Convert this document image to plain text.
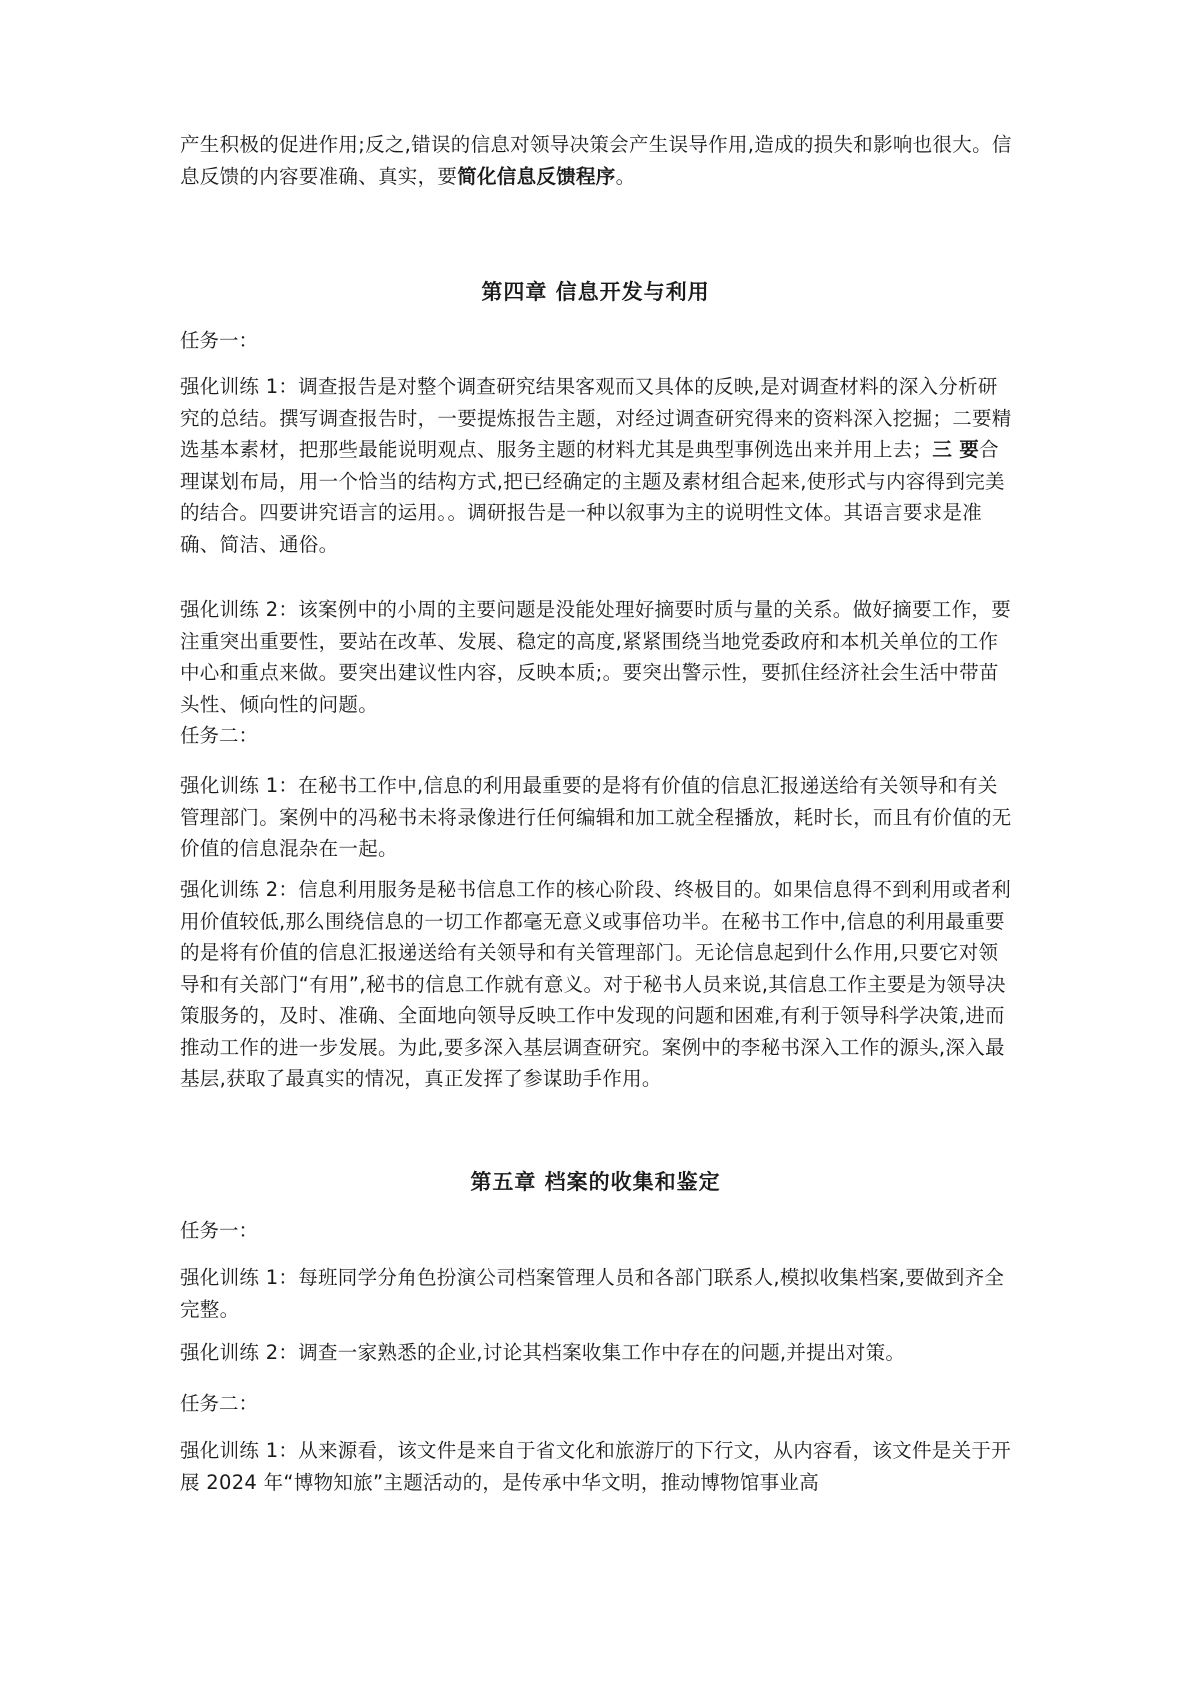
产生积极的促进作用;反之,错误的信息对领导决策会产生误导作用,造成的损失和影响也很大。信息反馈的内容要准确、真实，要简化信息反馈程序。

第四章 信息开发与利用
任务一：

强化训练 1：调查报告是对整个调查研究结果客观而又具体的反映,是对调查材料的深入分析研究的总结。撰写调查报告时，一要提炼报告主题，对经过调查研究得来的资料深入挖掘；二要精选基本素材，把那些最能说明观点、服务主题的材料尤其是典型事例选出来并用上去；三 要合理谋划布局，用一个恰当的结构方式,把已经确定的主题及素材组合起来,使形式与内容得到完美的结合。四要讲究语言的运用。。调研报告是一种以叙事为主的说明性文体。其语言要求是准确、简洁、通俗。

强化训练 2：该案例中的小周的主要问题是没能处理好摘要时质与量的关系。做好摘要工作，要注重突出重要性，要站在改革、发展、稳定的高度,紧紧围绕当地党委政府和本机关单位的工作中心和重点来做。要突出建议性内容，反映本质;。要突出警示性，要抓住经济社会生活中带苗头性、倾向性的问题。
任务二：
强化训练 1：在秘书工作中,信息的利用最重要的是将有价值的信息汇报递送给有关领导和有关管理部门。案例中的冯秘书未将录像进行任何编辑和加工就全程播放，耗时长，而且有价值的无价值的信息混杂在一起。
强化训练 2：信息利用服务是秘书信息工作的核心阶段、终极目的。如果信息得不到利用或者利用价值较低,那么围绕信息的一切工作都毫无意义或事倍功半。在秘书工作中,信息的利用最重要的是将有价值的信息汇报递送给有关领导和有关管理部门。无论信息起到什么作用,只要它对领导和有关部门“有用”,秘书的信息工作就有意义。对于秘书人员来说,其信息工作主要是为领导决策服务的，及时、准确、全面地向领导反映工作中发现的问题和困难,有利于领导科学决策,进而推动工作的进一步发展。为此,要多深入基层调查研究。案例中的李秘书深入工作的源头,深入最基层,获取了最真实的情况，真正发挥了参谋助手作用。
第五章 档案的收集和鉴定
任务一：
强化训练 1：每班同学分角色扮演公司档案管理人员和各部门联系人,模拟收集档案,要做到齐全完整。
强化训练 2：调查一家熟悉的企业,讨论其档案收集工作中存在的问题,并提出对策。
任务二：
强化训练 1：从来源看，该文件是来自于省文化和旅游厅的下行文，从内容看，该文件是关于开展 2024 年“博物知旅”主题活动的，是传承中华文明，推动博物馆事业高
